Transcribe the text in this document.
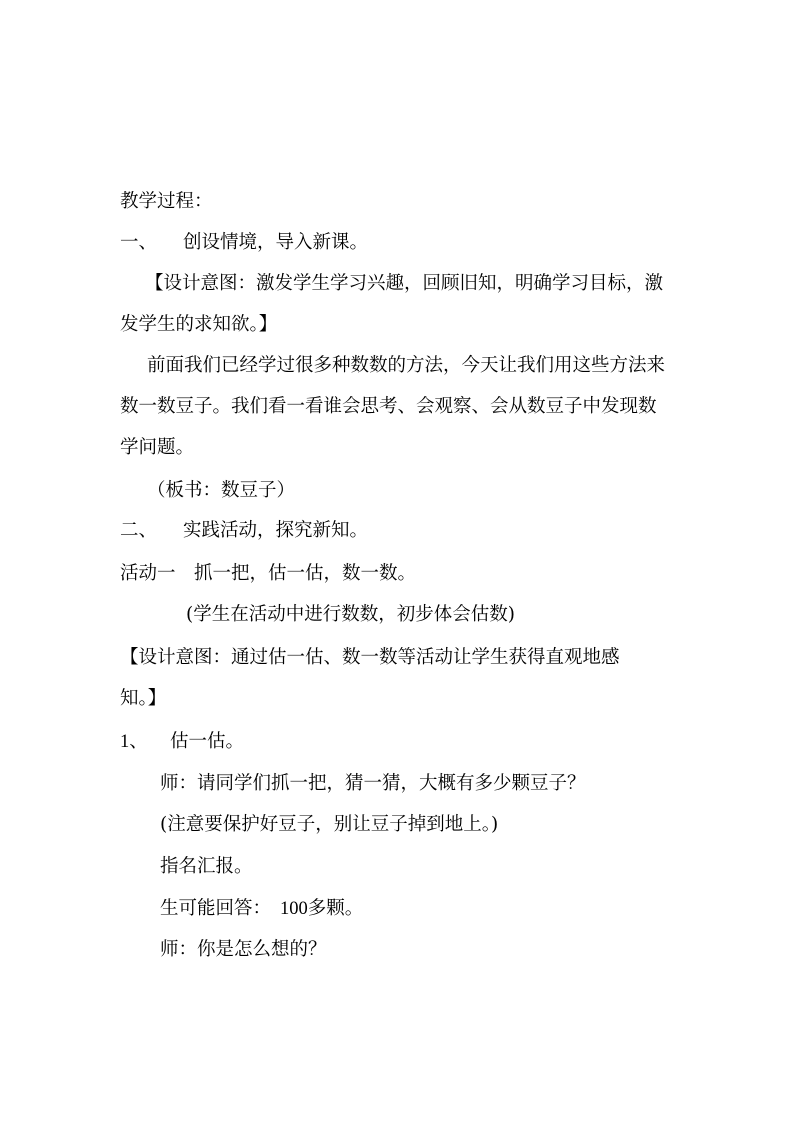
教学过程：
一、 创设情境，导入新课。
【设计意图：激发学生学习兴趣，回顾旧知，明确学习目标，激
发学生的求知欲。】
前面我们已经学过很多种数数的方法，今天让我们用这些方法来
数一数豆子。我们看一看谁会思考、会观察、会从数豆子中发现数
学问题。
（板书：数豆子）
二、 实践活动，探究新知。
活动一 抓一把，估一估，数一数。
(学生在活动中进行数数，初步体会估数)
【设计意图：通过估一估、数一数等活动让学生获得直观地感
知。】
1、 估一估。
师：请同学们抓一把，猜一猜，大概有多少颗豆子？
(注意要保护好豆子，别让豆子掉到地上。)
指名汇报。
生可能回答： 100多颗。
师：你是怎么想的？
